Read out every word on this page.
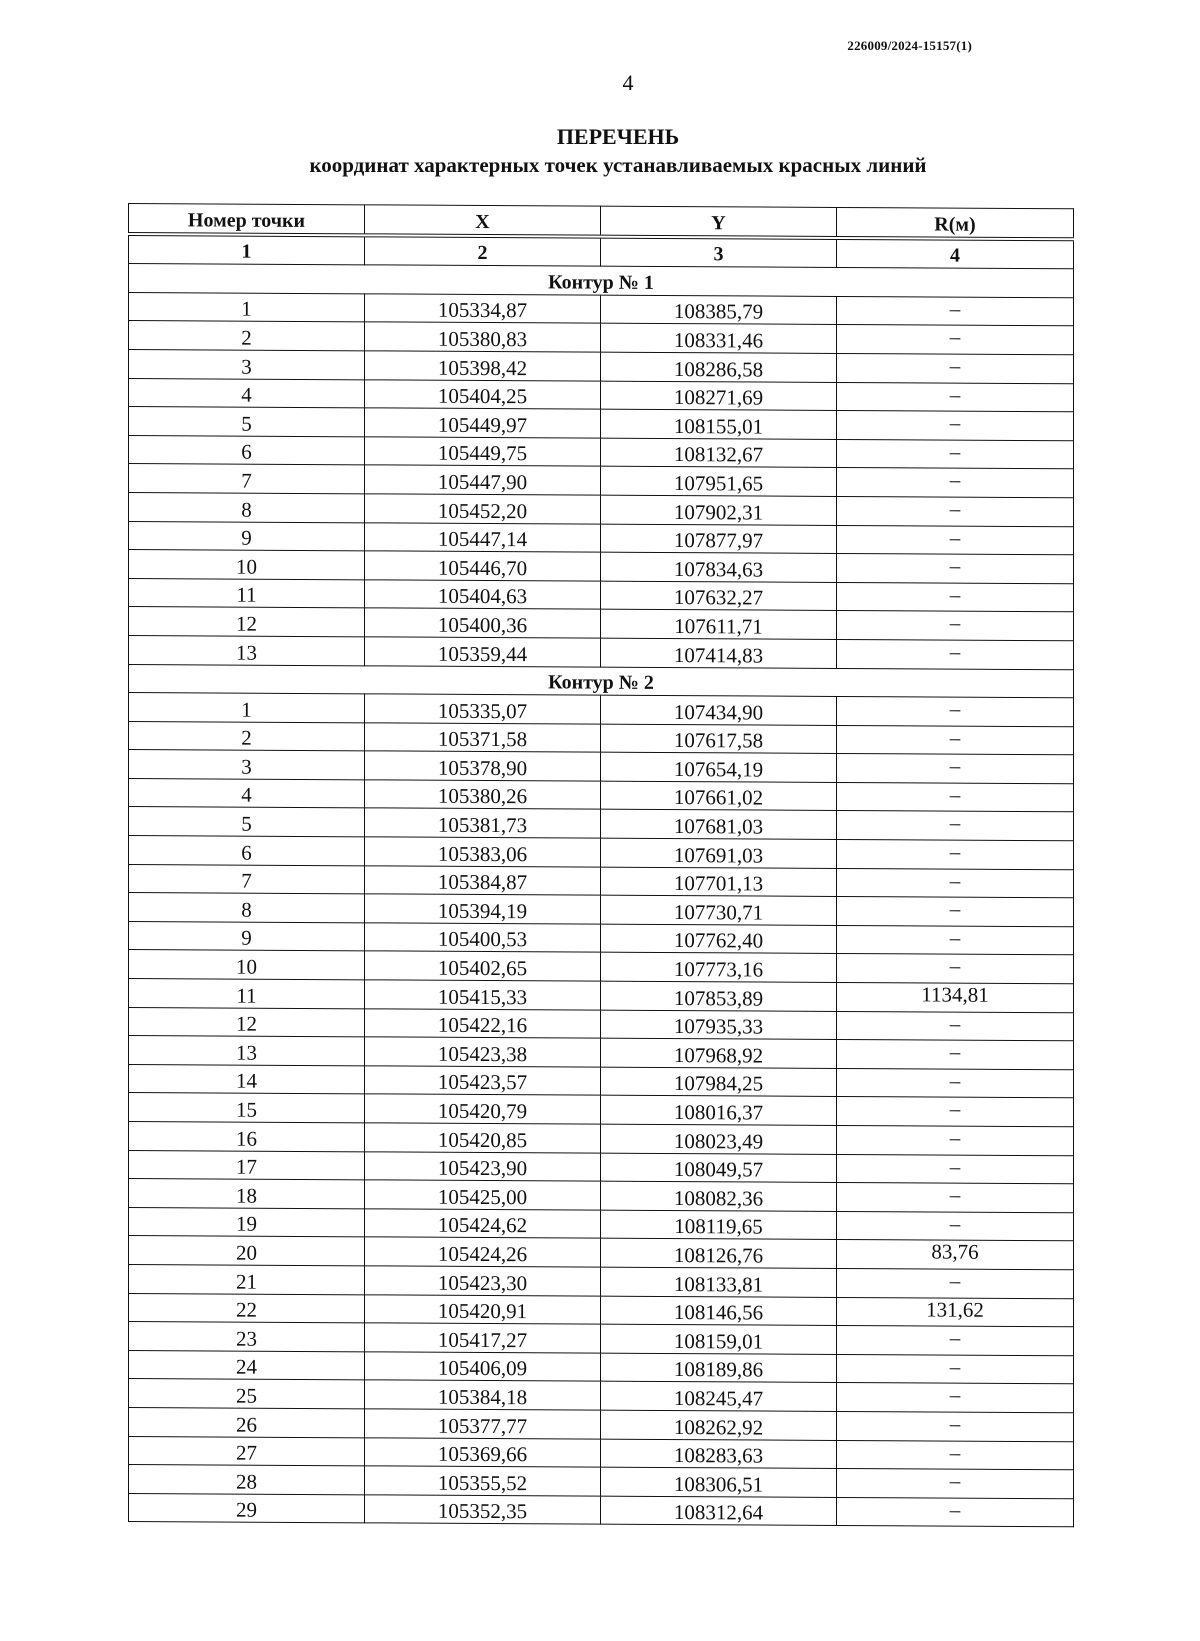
226009/2024-15157(1)
4
ПЕРЕЧЕНЬ
координат характерных точек устанавливаемых красных линий
Номер точки	X	Y	R(м)
1	2	3	4
Контур № 1			
1	105334,87	108385,79	–
2	105380,83	108331,46	–
3	105398,42	108286,58	–
4	105404,25	108271,69	–
5	105449,97	108155,01	–
6	105449,75	108132,67	–
7	105447,90	107951,65	–
8	105452,20	107902,31	–
9	105447,14	107877,97	–
10	105446,70	107834,63	–
11	105404,63	107632,27	–
12	105400,36	107611,71	–
13	105359,44	107414,83	–
Контур № 2			
1	105335,07	107434,90	–
2	105371,58	107617,58	–
3	105378,90	107654,19	–
4	105380,26	107661,02	–
5	105381,73	107681,03	–
6	105383,06	107691,03	–
7	105384,87	107701,13	–
8	105394,19	107730,71	–
9	105400,53	107762,40	–
10	105402,65	107773,16	–
11	105415,33	107853,89	1134,81
12	105422,16	107935,33	–
13	105423,38	107968,92	–
14	105423,57	107984,25	–
15	105420,79	108016,37	–
16	105420,85	108023,49	–
17	105423,90	108049,57	–
18	105425,00	108082,36	–
19	105424,62	108119,65	–
20	105424,26	108126,76	83,76
21	105423,30	108133,81	–
22	105420,91	108146,56	131,62
23	105417,27	108159,01	–
24	105406,09	108189,86	–
25	105384,18	108245,47	–
26	105377,77	108262,92	–
27	105369,66	108283,63	–
28	105355,52	108306,51	–
29	105352,35	108312,64	–
